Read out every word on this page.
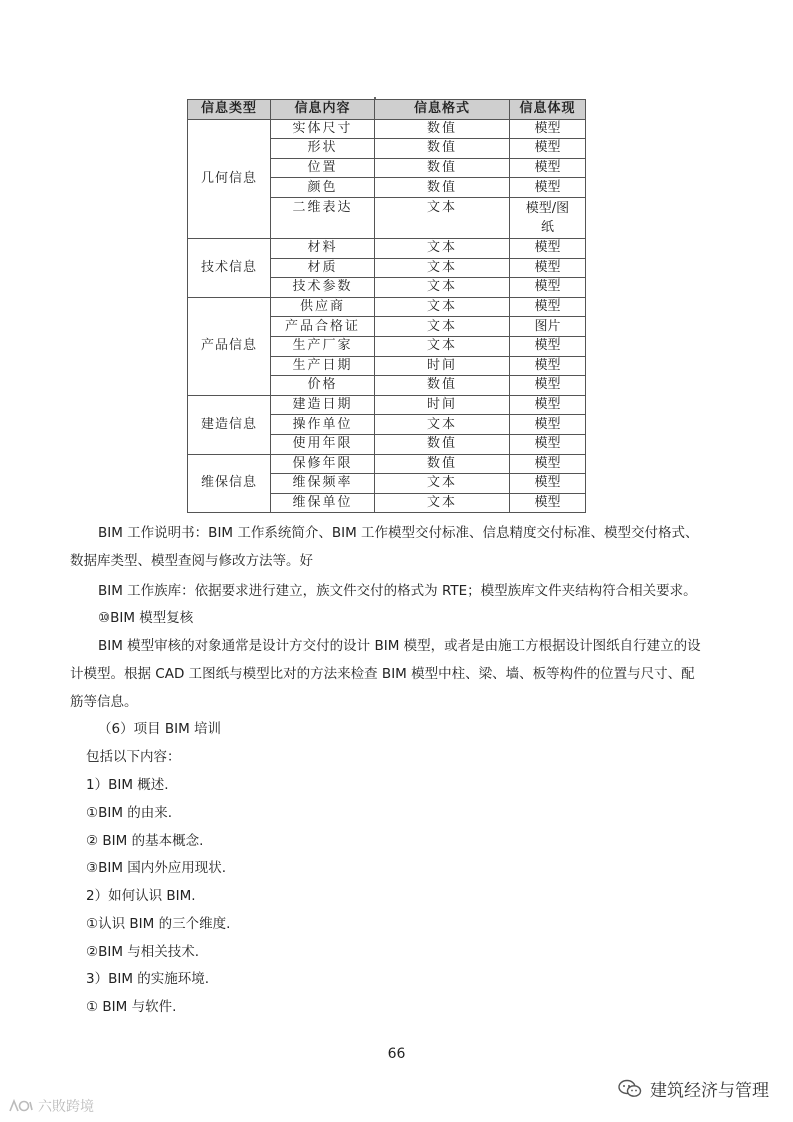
信息类型	信息内容	信息格式	信息体现
几何信息	实体尺寸	数值	模型
	形状	数值	模型
	位置	数值	模型
	颜色	数值	模型
	二维表达	文本	模型/图纸

技术信息	材料	文本	模型
	材质	文本	模型
	技术参数	文本	模型
产品信息	供应商	文本	模型
	产品合格证	文本	图片
	生产厂家	文本	模型
	生产日期	时间	模型
	价格	数值	模型
建造信息	建造日期	时间	模型
	操作单位	文本	模型
	使用年限	数值	模型
维保信息	保修年限	数值	模型
	维保频率	文本	模型
	维保单位	文本	模型
BIM 工作说明书：BIM 工作系统简介、BIM 工作模型交付标准、信息精度交付标准、模型交付格式、
数据库类型、模型查阅与修改方法等。好
BIM 工作族库：依据要求进行建立，族文件交付的格式为 RTE；模型族库文件夹结构符合相关要求。
⑩BIM 模型复核
BIM 模型审核的对象通常是设计方交付的设计 BIM 模型，或者是由施工方根据设计图纸自行建立的设
计模型。根据 CAD 工图纸与模型比对的方法来检查 BIM 模型中柱、梁、墙、板等构件的位置与尺寸、配
筋等信息。
（6）项目 BIM 培训
包括以下内容：
1）BIM 概述.
①BIM 的由来.
② BIM 的基本概念.
③BIM 国内外应用现状.
2）如何认识 BIM.
①认识 BIM 的三个维度.
②BIM 与相关技术.
3）BIM 的实施环境.
① BIM 与软件.
66
建筑经济与管理
六敗跨境
